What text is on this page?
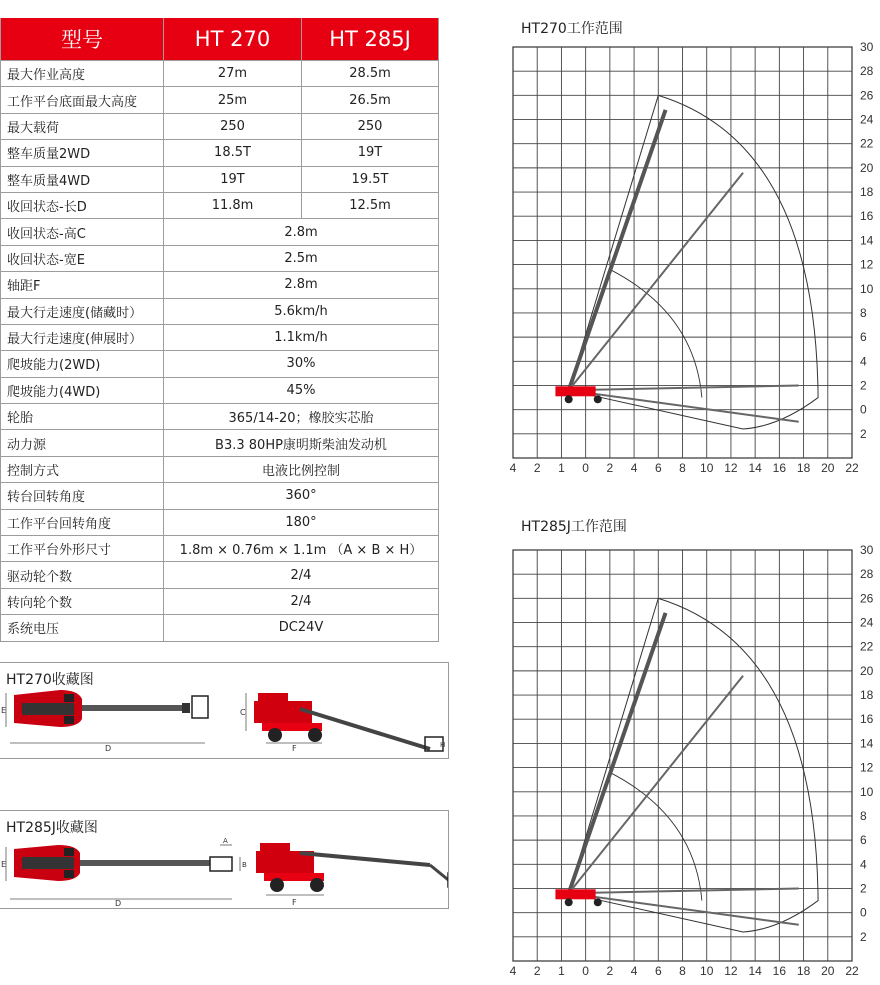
型号	HT 270	HT 285J
最大作业高度	27m	28.5m
工作平台底面最大高度	25m	26.5m
最大载荷	250	250
整车质量2WD	18.5T	19T
整车质量4WD	19T	19.5T
收回状态-长D	11.8m	12.5m
收回状态-高C	2.8m	
收回状态-宽E	2.5m	
轴距F	2.8m	
最大行走速度(储藏时）	5.6km/h	
最大行走速度(伸展时）	1.1km/h	
爬坡能力(2WD)	30%	
爬坡能力(4WD)	45%	
轮胎	365/14-20；橡胶实芯胎	
动力源	B3.3 80HP康明斯柴油发动机	
控制方式	电液比例控制	
转台回转角度	360°	
工作平台回转角度	180°	
工作平台外形尺寸	1.8m × 0.76m × 1.1m （A × B × H）	
驱动轮个数	2/4	
转向轮个数	2/4	
系统电压	DC24V	
HT270收藏图
D
E
F
C
H
HT285J收藏图
D
E
A
B
F
HT270工作范围
HT285J工作范围
30
28
26
24
22
20
18
16
14
12
10
8
6
4
2
0
2
4 2 1 0 2 4 6 8 10 12 14 16 18 20 22
30
28
26
24
22
20
18
16
14
12
10
8
6
4
2
0
2
4 2 1 0 2 4 6 8 10 12 14 16 18 20 22
